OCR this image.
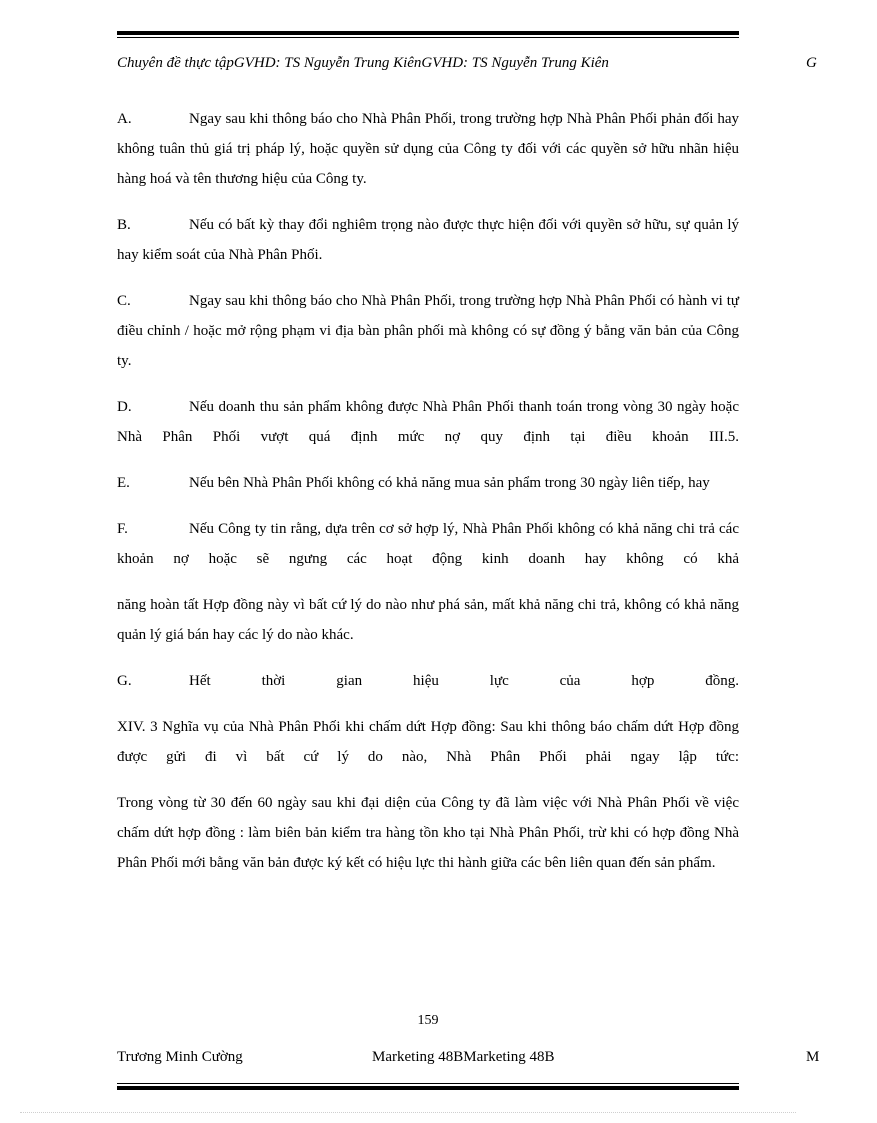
Chuyên đề thực tậpGVHD: TS Nguyễn Trung KiênGVHD: TS Nguyễn Trung Kiên	G

A.	Ngay sau khi thông báo cho Nhà Phân Phối, trong trường hợp Nhà Phân Phối phản đối hay không tuân thủ giá trị pháp lý, hoặc quyền sử dụng của Công ty đối với các quyền sở hữu nhãn hiệu hàng hoá và tên thương hiệu của Công ty.

B.	Nếu có bất kỳ thay đổi nghiêm trọng nào được thực hiện đối với quyền sở hữu, sự quản lý hay kiểm soát của Nhà Phân Phối.

C.	Ngay sau khi thông báo cho Nhà Phân Phối, trong trường hợp Nhà Phân Phối có hành vi tự điều chỉnh / hoặc mở rộng phạm vi địa bàn phân phối mà không có sự đồng ý bằng văn bản của Công ty.

D.	Nếu doanh thu sản phẩm không được Nhà Phân Phối thanh toán trong vòng 30 ngày hoặc Nhà Phân Phối vượt quá định mức nợ quy định tại điều khoản III.5.

E.	Nếu bên Nhà Phân Phối không có khả năng mua sản phẩm trong 30 ngày liên tiếp, hay

F.	Nếu Công ty tin rằng, dựa trên cơ sở hợp lý, Nhà Phân Phối không có khả năng chi trả các khoản nợ hoặc sẽ ngưng các hoạt động kinh doanh hay không có khả

năng hoàn tất Hợp đồng này vì bất cứ lý do nào như phá sản, mất khả năng chi trả, không có khả năng quản lý giá bán hay các lý do nào khác.

G.	Hết thời gian hiệu lực của hợp đồng.

XIV. 3 Nghĩa vụ của Nhà Phân Phối khi chấm dứt Hợp đồng: Sau khi thông báo chấm dứt Hợp đồng được gửi đi vì bất cứ lý do nào, Nhà Phân Phối phải ngay lập tức:

Trong vòng từ 30 đến 60 ngày sau khi đại diện của Công ty đã làm việc với Nhà Phân Phối về việc chấm dứt hợp đồng : làm biên bản kiểm tra hàng tồn kho tại Nhà Phân Phối, trừ khi có hợp đồng Nhà Phân Phối mới bằng văn bản được ký kết có hiệu lực thi hành giữa các bên liên quan đến sản phẩm.

159
Trương Minh Cường	Marketing 48BMarketing 48B	M
